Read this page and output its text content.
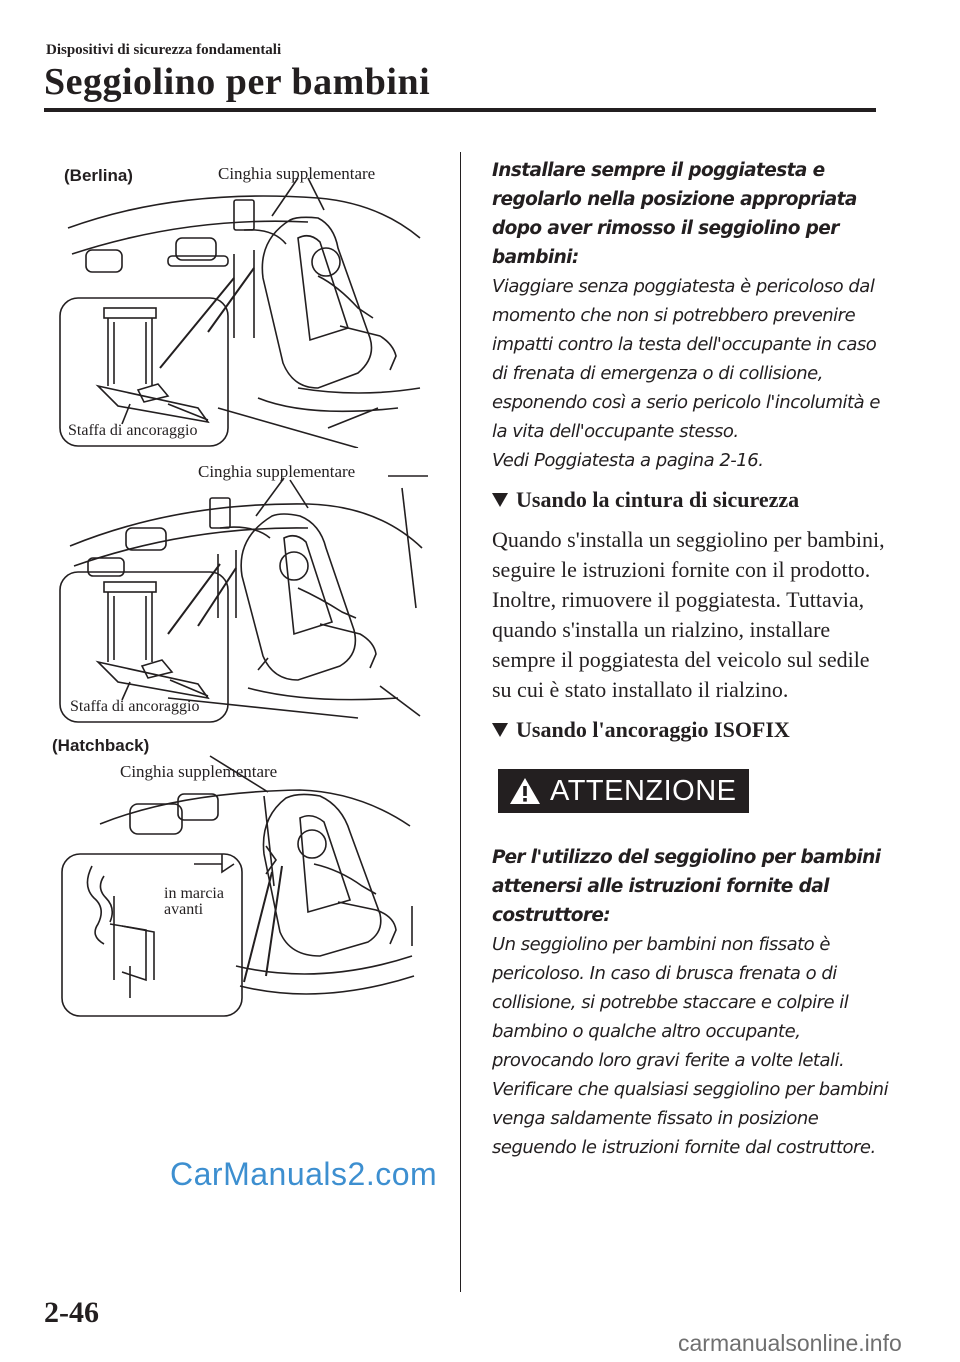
Dispositivi di sicurezza fondamentali
Seggiolino per bambini
(Berlina)	Cinghia supplementare
Staffa di ancoraggio
Cinghia supplementare
Staffa di ancoraggio
(Hatchback)
Cinghia supplementare
in marcia
avanti

Installare sempre il poggiatesta e regolarlo nella posizione appropriata dopo aver rimosso il seggiolino per bambini:

Viaggiare senza poggiatesta è pericoloso dal momento che non si potrebbero prevenire impatti contro la testa dell'occupante in caso di frenata di emergenza o di collisione, esponendo così a serio pericolo l'incolumità e la vita dell'occupante stesso.

Vedi Poggiatesta a pagina 2-16.

Usando la cintura di sicurezza

Quando s'installa un seggiolino per bambini, seguire le istruzioni fornite con il prodotto.

Inoltre, rimuovere il poggiatesta. Tuttavia, quando s'installa un rialzino, installare sempre il poggiatesta del veicolo sul sedile su cui è stato installato il rialzino.

Usando l'ancoraggio ISOFIX
ATTENZIONE

Per l'utilizzo del seggiolino per bambini attenersi alle istruzioni fornite dal costruttore:

Un seggiolino per bambini non fissato è pericoloso. In caso di brusca frenata o di collisione, si potrebbe staccare e colpire il bambino o qualche altro occupante, provocando loro gravi ferite a volte letali. Verificare che qualsiasi seggiolino per bambini venga saldamente fissato in posizione seguendo le istruzioni fornite dal costruttore.

CarManuals2.com
2-46
carmanualsonline.info
